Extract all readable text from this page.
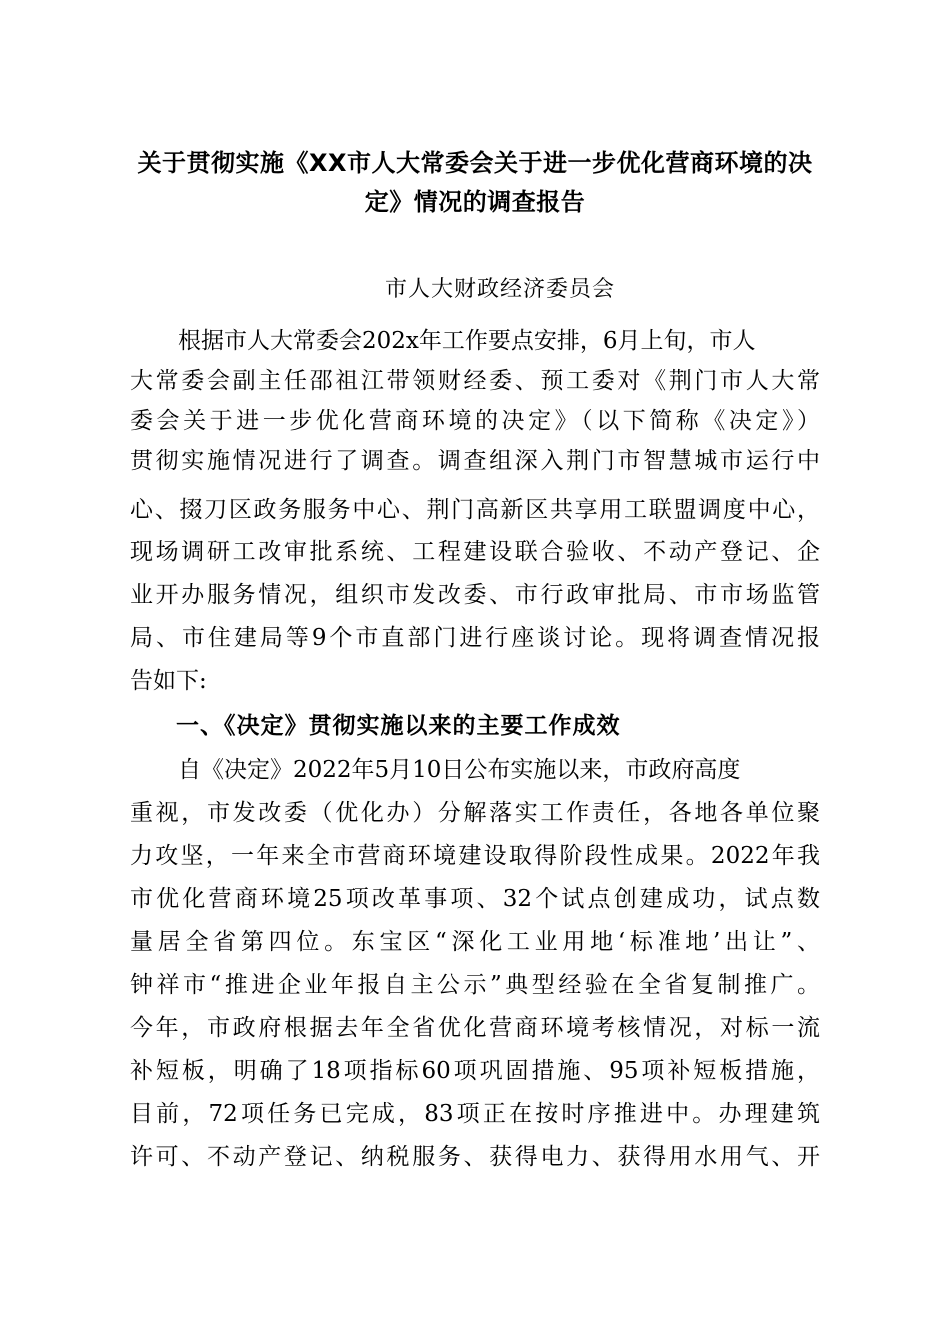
关于贯彻实施《XX市人大常委会关于进一步优化营商环境的决
定》情况的调查报告
市人大财政经济委员会
根据市人大常委会202x年工作要点安排，6月上旬，市人
大常委会副主任邵祖江带领财经委、预工委对《荆门市人大常
委会关于进一步优化营商环境的决定》（以下简称《决定》）
贯彻实施情况进行了调查。调查组深入荆门市智慧城市运行中
心、掇刀区政务服务中心、荆门高新区共享用工联盟调度中心，
现场调研工改审批系统、工程建设联合验收、不动产登记、企
业开办服务情况，组织市发改委、市行政审批局、市市场监管
局、市住建局等9个市直部门进行座谈讨论。现将调查情况报
告如下:
一、《决定》贯彻实施以来的主要工作成效
自《决定》2022年5月10日公布实施以来，市政府高度
重视，市发改委（优化办）分解落实工作责任，各地各单位聚
力攻坚，一年来全市营商环境建设取得阶段性成果。2022年我
市优化营商环境25项改革事项、32个试点创建成功，试点数
量居全省第四位。东宝区“深化工业用地‘标准地’出让”、
钟祥市“推进企业年报自主公示”典型经验在全省复制推广。
今年，市政府根据去年全省优化营商环境考核情况，对标一流
补短板，明确了18项指标60项巩固措施、95项补短板措施，
目前，72项任务已完成，83项正在按时序推进中。办理建筑
许可、不动产登记、纳税服务、获得电力、获得用水用气、开
